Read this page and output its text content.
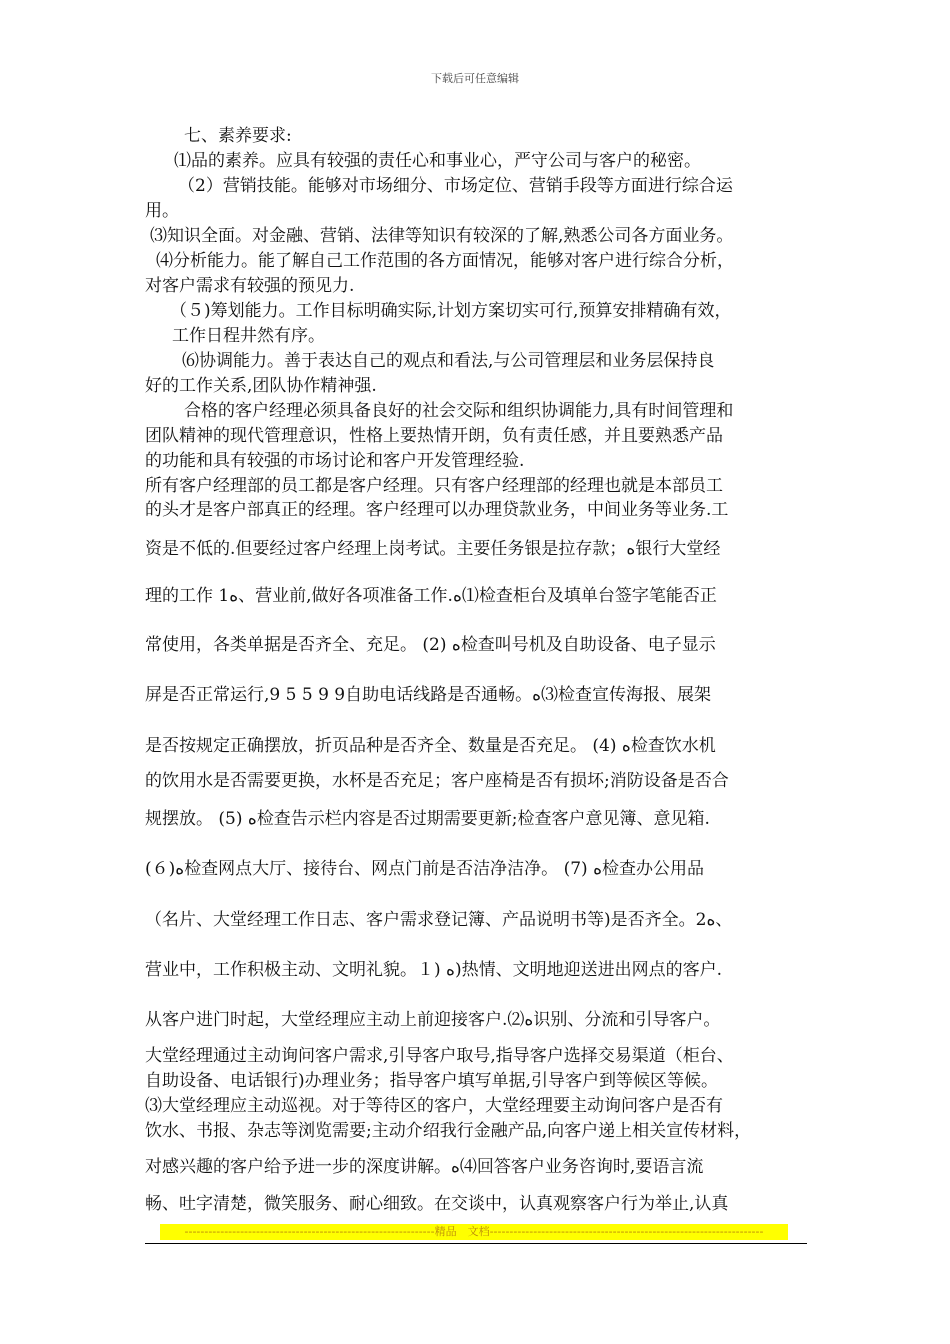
下载后可任意编辑
七、素养要求:
⑴品的素养。应具有较强的责任心和事业心，严守公司与客户的秘密。
（2）营销技能。能够对市场细分、市场定位、营销手段等方面进行综合运
用。
⑶知识全面。对金融、营销、法律等知识有较深的了解,熟悉公司各方面业务。
⑷分析能力。能了解自己工作范围的各方面情况，能够对客户进行综合分析，
对客户需求有较强的预见力.
（５)筹划能力。工作目标明确实际,计划方案切实可行,预算安排精确有效，
工作日程井然有序。
⑹协调能力。善于表达自己的观点和看法,与公司管理层和业务层保持良
好的工作关系,团队协作精神强.
合格的客户经理必须具备良好的社会交际和组织协调能力,具有时间管理和
团队精神的现代管理意识，性格上要热情开朗，负有责任感，并且要熟悉产品
的功能和具有较强的市场讨论和客户开发管理经验.
所有客户经理部的员工都是客户经理。只有客户经理部的经理也就是本部员工
的头才是客户部真正的经理。客户经理可以办理贷款业务，中间业务等业务.工
资是不低的.但要经过客户经理上岗考试。主要任务银是拉存款；ه银行大堂经
理的工作 1ه、营业前,做好各项准备工作.ه⑴检查柜台及填单台签字笔能否正
常使用，各类单据是否齐全、充足。 (2) ه检查叫号机及自助设备、电子显示
屏是否正常运行,9 5 5 9 9自助电话线路是否通畅。ه⑶检查宣传海报、展架
是否按规定正确摆放，折页品种是否齐全、数量是否充足。 (4) ه检查饮水机
的饮用水是否需要更换，水杯是否充足；客户座椅是否有损坏;消防设备是否合
规摆放。 (5) ه检查告示栏内容是否过期需要更新;检查客户意见簿、意见箱.
(６)ه检查网点大厅、接待台、网点门前是否洁净洁净。 (7) ه检查办公用品
（名片、大堂经理工作日志、客户需求登记簿、产品说明书等)是否齐全。2ه、
营业中，工作积极主动、文明礼貌。１) ه)热情、文明地迎送进出网点的客户.
从客户进门时起，大堂经理应主动上前迎接客户.⑵ه识别、分流和引导客户。
大堂经理通过主动询问客户需求,引导客户取号,指导客户选择交易渠道（柜台、
自助设备、电话银行)办理业务；指导客户填写单据,引导客户到等候区等候。
⑶大堂经理应主动巡视。对于等待区的客户，大堂经理要主动询问客户是否有
饮水、书报、杂志等浏览需要;主动介绍我行金融产品,向客户递上相关宣传材料，
对感兴趣的客户给予进一步的深度讲解。ه⑷回答客户业务咨询时,要语言流
畅、吐字清楚，微笑服务、耐心细致。在交谈中，认真观察客户行为举止,认真
---------------------------------------------------------------精品　文档---------------------------------------------------------------------
